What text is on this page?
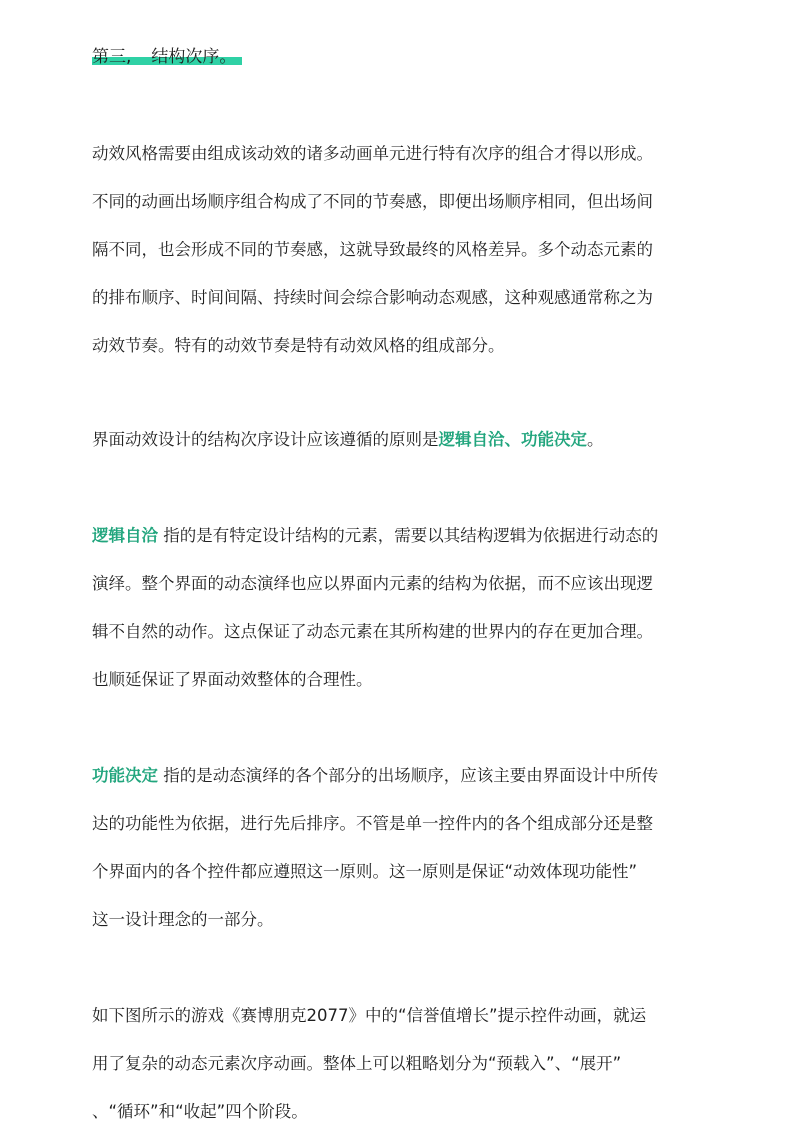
第三, 结构次序。
动效风格需要由组成该动效的诸多动画单元进行特有次序的组合才得以形成。
不同的动画出场顺序组合构成了不同的节奏感，即便出场顺序相同，但出场间
隔不同，也会形成不同的节奏感，这就导致最终的风格差异。多个动态元素的
的排布顺序、时间间隔、持续时间会综合影响动态观感，这种观感通常称之为
动效节奏。特有的动效节奏是特有动效风格的组成部分。
界面动效设计的结构次序设计应该遵循的原则是逻辑自洽、功能决定。
逻辑自洽 指的是有特定设计结构的元素，需要以其结构逻辑为依据进行动态的
演绎。整个界面的动态演绎也应以界面内元素的结构为依据，而不应该出现逻
辑不自然的动作。这点保证了动态元素在其所构建的世界内的存在更加合理。
也顺延保证了界面动效整体的合理性。
功能决定 指的是动态演绎的各个部分的出场顺序，应该主要由界面设计中所传
达的功能性为依据，进行先后排序。不管是单一控件内的各个组成部分还是整
个界面内的各个控件都应遵照这一原则。这一原则是保证“动效体现功能性”
这一设计理念的一部分。
如下图所示的游戏《赛博朋克2077》中的“信誉值增长”提示控件动画，就运
用了复杂的动态元素次序动画。整体上可以粗略划分为“预载入”、“展开”
、“循环”和“收起”四个阶段。
